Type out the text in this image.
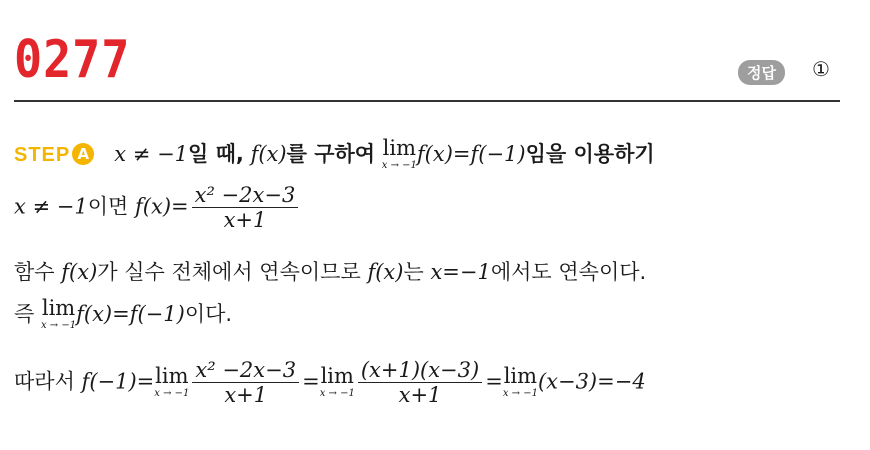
0277	정답	①
STEP A x ≠ −1일 때, f(x)를 구하여 lim
x → −1 f(x)=f(−1)임을 이용하기
x ≠ −1이면 $f(x)= \frac{\text{x² −2x−3}}{x+1}$
함수 f(x)가 실수 전체에서 연속이므로 f(x)는 x=−1에서도 연속이다.
즉 lim
x → −1 f(x)=f(−1)이다.
따라서 f(−1)= lim
$x \to -1 \frac{\text{x² −2x−3}}{x+1} = \lim$
$x \to -1 \frac{(x+1)(x-3)}{x+1} = \lim$
x → −1 (x−3)=−4
